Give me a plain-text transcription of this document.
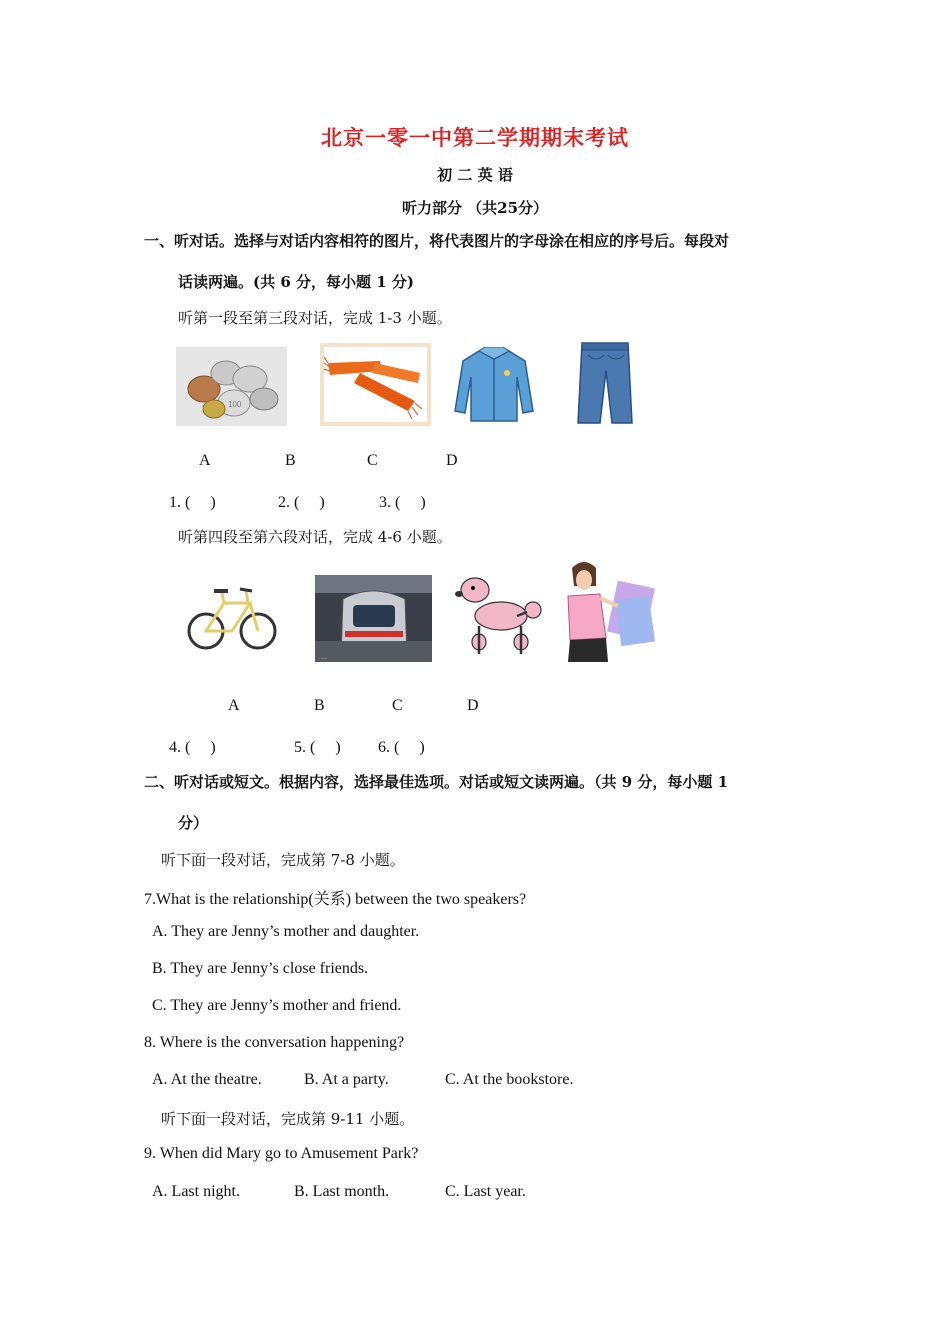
北京一零一中第二学期期末考试
初 二 英 语
听力部分 （共25分）
一、听对话。选择与对话内容相符的图片，将代表图片的字母涂在相应的序号后。每段对
话读两遍。(共 6 分，每小题 1 分)
听第一段至第三段对话，完成 1-3 小题。
100
A	B	C	D
1. (　 )	2. (　 )	3. (　 )
听第四段至第六段对话，完成 4-6 小题。
......
A	B	C	D
4. (　 )	5. (　 ) 6. (　 )
二、听对话或短文。根据内容，选择最佳选项。对话或短文读两遍。（共 9 分，每小题 1
分）
听下面一段对话，完成第 7-8 小题。
7.What is the relationship(关系) between the two speakers?
A. They are Jenny’s mother and daughter.
B. They are Jenny’s close friends.
C. They are Jenny’s mother and friend.
8. Where is the conversation happening?
A. At the theatre.	B. At a party.	C. At the bookstore.
听下面一段对话，完成第 9-11 小题。
9. When did Mary go to Amusement Park?
A. Last night.	B. Last month.	C. Last year.
